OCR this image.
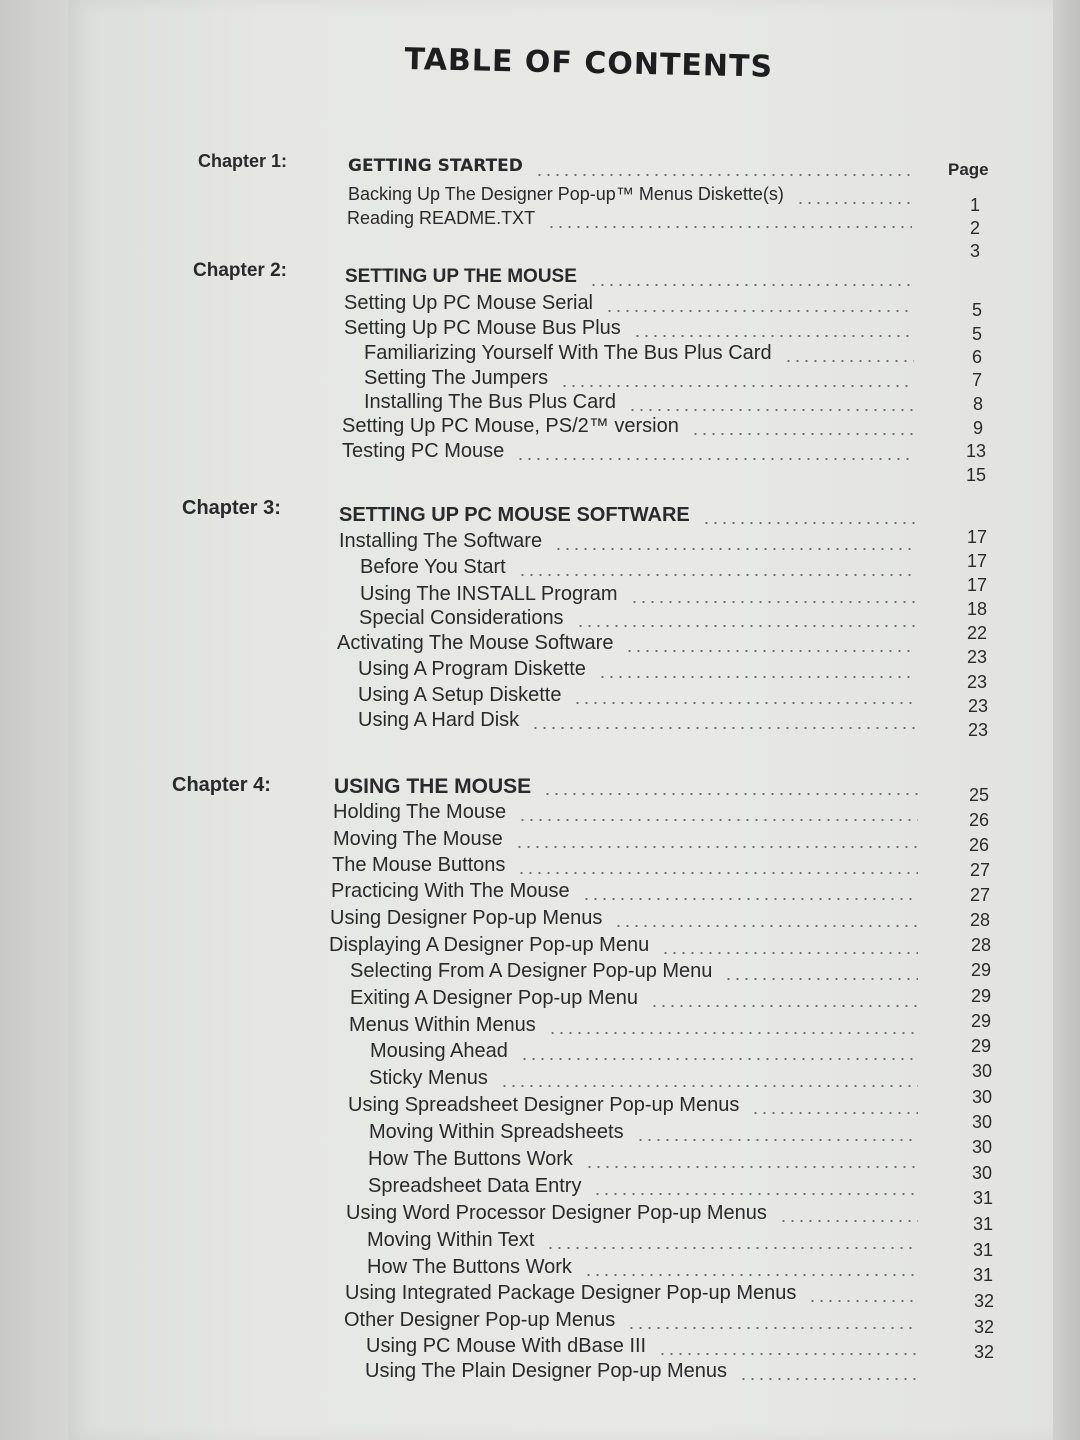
TABLE OF CONTENTS
Page
Chapter 1:
Chapter 2:
Chapter 3:
Chapter 4:
GETTING STARTED
Backing Up The Designer Pop-up™ Menus Diskette(s)
Reading README.TXT
SETTING UP THE MOUSE
Setting Up PC Mouse Serial
Setting Up PC Mouse Bus Plus
Familiarizing Yourself With The Bus Plus Card
Setting The Jumpers
Installing The Bus Plus Card
Setting Up PC Mouse, PS/2™ version
Testing PC Mouse
SETTING UP PC MOUSE SOFTWARE
Installing The Software
Before You Start
Using The INSTALL Program
Special Considerations
Activating The Mouse Software
Using A Program Diskette
Using A Setup Diskette
Using A Hard Disk
USING THE MOUSE
Holding The Mouse
Moving The Mouse
The Mouse Buttons
Practicing With The Mouse
Using Designer Pop-up Menus
Displaying A Designer Pop-up Menu
Selecting From A Designer Pop-up Menu
Exiting A Designer Pop-up Menu
Menus Within Menus
Mousing Ahead
Sticky Menus
Using Spreadsheet Designer Pop-up Menus
Moving Within Spreadsheets
How The Buttons Work
Spreadsheet Data Entry
Using Word Processor Designer Pop-up Menus
Moving Within Text
How The Buttons Work
Using Integrated Package Designer Pop-up Menus
Other Designer Pop-up Menus
Using PC Mouse With dBase III
Using The Plain Designer Pop-up Menus
1
2
3
5
5
6
7
8
9
13
15
17
17
17
18
22
23
23
23
23
25
26
26
27
27
28
28
29
29
29
29
30
30
30
30
30
31
31
31
31
32
32
32
